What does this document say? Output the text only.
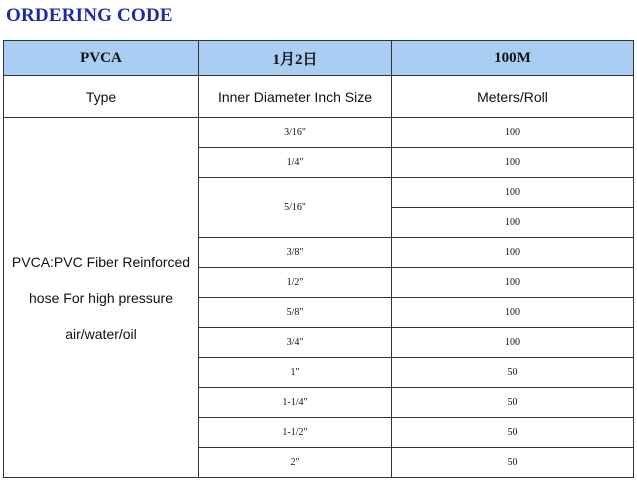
ORDERING CODE
PVCA	1月2日	100M
Type	Inner Diameter Inch Size	Meters/Roll

PVCA:PVC Fiber Reinforced
hose For high pressure
air/water/oil	3/16"	100
	1/4"	100
	5/16"	100
		100
	3/8"	100
	1/2"	100
	5/8"	100
	3/4"	100
	1"	50
	1-1/4"	50
	1-1/2"	50
	2"	50
